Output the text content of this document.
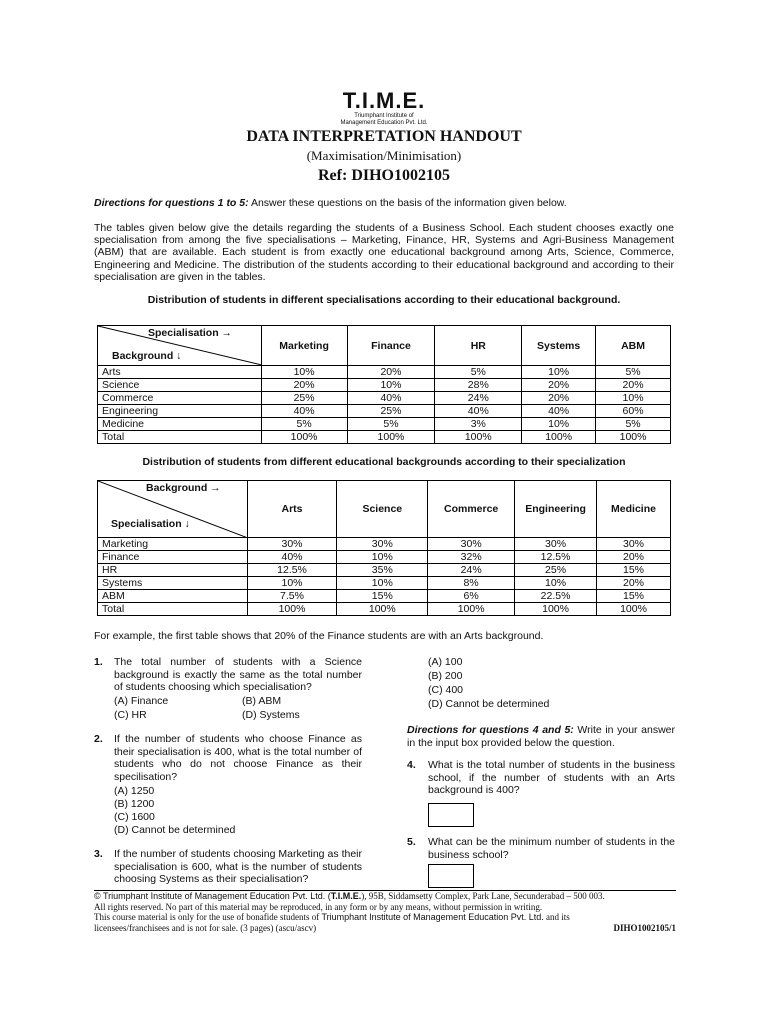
T.I.M.E.
Triumphant Institute of
Management Education Pvt. Ltd.
DATA INTERPRETATION HANDOUT
(Maximisation/Minimisation)
Ref: DIHO1002105
Directions for questions 1 to 5: Answer these questions on the basis of the information given below.
The tables given below give the details regarding the students of a Business School. Each student chooses exactly one specialisation from among the five specialisations – Marketing, Finance, HR, Systems and Agri-Business Management (ABM) that are available. Each student is from exactly one educational background among Arts, Science, Commerce, Engineering and Medicine. The distribution of the students according to their educational background and according to their specialisation are given in the tables.
Distribution of students in different specialisations according to their educational background.
Specialisation →
Background ↓	Marketing	Finance	HR	Systems	ABM
Arts	10%	20%	5%	10%	5%
Science	20%	10%	28%	20%	20%
Commerce	25%	40%	24%	20%	10%
Engineering	40%	25%	40%	40%	60%
Medicine	5%	5%	3%	10%	5%
Total	100%	100%	100%	100%	100%
Distribution of students from different educational backgrounds according to their specialization
Background →
Specialisation ↓	Arts	Science	Commerce	Engineering	Medicine
Marketing	30%	30%	30%	30%	30%
Finance	40%	10%	32%	12.5%	20%
HR	12.5%	35%	24%	25%	15%
Systems	10%	10%	8%	10%	20%
ABM	7.5%	15%	6%	22.5%	15%
Total	100%	100%	100%	100%	100%
For example, the first table shows that 20% of the Finance students are with an Arts background.
1. The total number of students with a Science background is exactly the same as the total number of students choosing which specialisation?
(A) Finance	(B) ABM
(C) HR	(D) Systems
2. If the number of students who choose Finance as their specialisation is 400, what is the total number of students who do not choose Finance as their specilisation?
(A) 1250
(B) 1200
(C) 1600
(D) Cannot be determined
3. If the number of students choosing Marketing as their specialisation is 600, what is the number of students choosing Systems as their specialisation?
(A) 100
(B) 200
(C) 400
(D) Cannot be determined
Directions for questions 4 and 5: Write in your answer in the input box provided below the question.
4. What is the total number of students in the business school, if the number of students with an Arts background is 400?
5. What can be the minimum number of students in the business school?
© Triumphant Institute of Management Education Pvt. Ltd. (T.I.M.E.), 95B, Siddamsetty Complex, Park Lane, Secunderabad – 500 003.
All rights reserved. No part of this material may be reproduced, in any form or by any means, without permission in writing.
This course material is only for the use of bonafide students of Triumphant Institute of Management Education Pvt. Ltd. and its
licensees/franchisees and is not for sale. (3 pages) (ascu/ascv)	DIHO1002105/1
